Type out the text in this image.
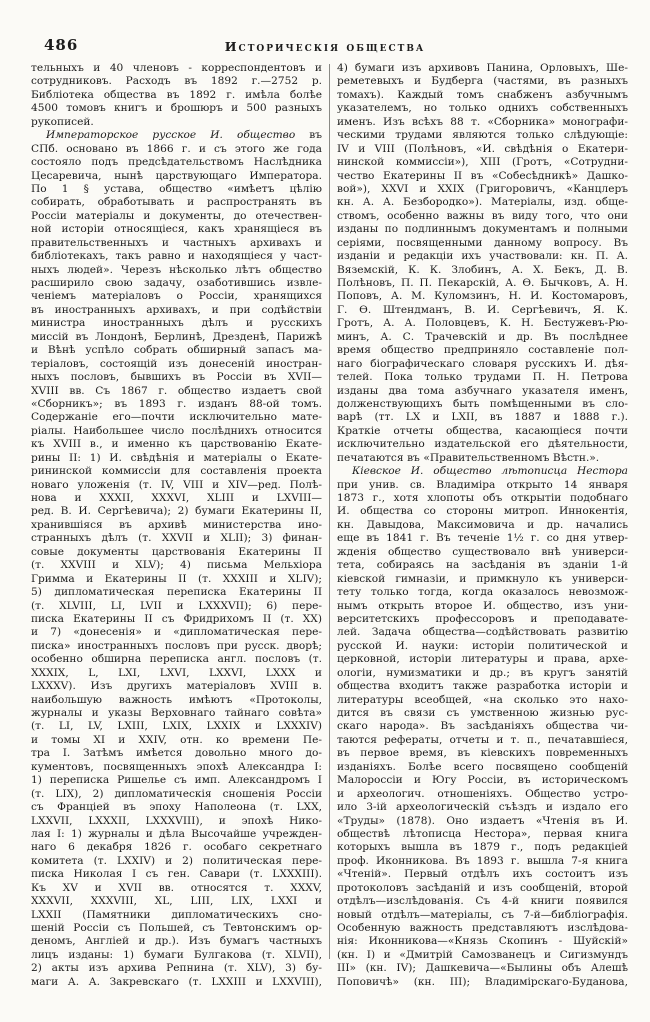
486	Историческія общества
тельныхъ и 40 членовъ - корреспондентовъ и
сотрудниковъ. Расходъ въ 1892 г.—2752 р.
Библіотека общества въ 1892 г. имѣла болѣе
4500 томовъ книгъ и брошюръ и 500 разныхъ
рукописей.
Императорское русское И. общество въ
СПб. основано въ 1866 г. и съ этого же года
состояло подъ предсѣдательствомъ Наслѣдника
Цесаревича, нынѣ царствующаго Императора.
По 1 § устава, общество «имѣетъ цѣлію
собирать, обработывать и распространять въ
Россіи матеріалы и документы, до отечествен-
ной исторіи относящіеся, какъ хранящіеся въ
правительственныхъ и частныхъ архивахъ и
библіотекахъ, такъ равно и находящіеся у част-
ныхъ людей». Черезъ нѣсколько лѣтъ общество
расширило свою задачу, озаботившись извле-
ченіемъ матеріаловъ о Россіи, хранящихся
въ иностранныхъ архивахъ, и при содѣйствіи
министра иностранныхъ дѣлъ и русскихъ
миссій въ Лондонѣ, Берлинѣ, Дрезденѣ, Парижѣ
и Вѣнѣ успѣло собрать обширный запасъ ма-
теріаловъ, состоящій изъ донесеній иностран-
ныхъ пословъ, бывшихъ въ Россіи въ XVII—
XVIII вв. Съ 1867 г. общество издаетъ свой
«Сборникъ»; въ 1893 г. изданъ 88-ой томъ.
Содержаніе его—почти исключительно мате-
ріалы. Наибольшее число послѣднихъ относится
къ XVIII в., и именно къ царствованію Екате-
рины II: 1) И. свѣдѣнія и матеріалы о Екате-
рининской коммиссіи для составленія проекта
новаго уложенія (т. IV, VIII и XIV—ред. Полѣ-
нова и XXXII, XXXVI, XLIII и LXVIII—
ред. В. И. Сергѣевича); 2) бумаги Екатерины II,
хранившіяся въ архивѣ министерства ино-
странныхъ дѣлъ (т. XXVII и XLII); 3) финан-
совые документы царствованія Екатерины II
(т. XXVIII и XLV); 4) письма Мельхіора
Гримма и Екатерины II (т. XXXIII и XLIV);
5) дипломатическая переписка Екатерины II
(т. XLVIII, LI, LVII и LXXXVII); 6) пере-
писка Екатерины II съ Фридрихомъ II (т. XX)
и 7) «донесенія» и «дипломатическая пере-
писка» иностранныхъ пословъ при русск. дворѣ;
особенно обширна переписка англ. пословъ (т.
XXXIX, L, LXI, LXVI, LXXVI, LXXX и
LXXXV). Изъ другихъ матеріаловъ XVIII в.
наибольшую важность имѣютъ «Протоколы,
журналы и указы Верховнаго тайнаго совѣта»
(т. LI, LV, LXIII, LXIX, LXXIX и LXXXIV)
и томы XI и XXIV, отн. ко времени Пе-
тра I. Затѣмъ имѣется довольно много до-
кументовъ, посвященныхъ эпохѣ Александра I:
1) переписка Ришелье съ имп. Александромъ I
(т. LIX), 2) дипломатическія сношенія Россіи
съ Франціей въ эпоху Наполеона (т. LXX,
LXXVII, LXXXII, LXXXVIII), и эпохѣ Нико-
лая I: 1) журналы и дѣла Высочайше учрежден-
наго 6 декабря 1826 г. особаго секретнаго
комитета (т. LXXIV) и 2) политическая пере-
писка Николая I съ ген. Савари (т. LXXXIII).
Къ XV и XVII вв. относятся т. XXXV,
XXXVII, XXXVIII, XL, LIII, LIX, LXXI и
LXXII (Памятники дипломатическихъ сно-
шеній Россіи съ Польшей, съ Тевтонскимъ ор-
деномъ, Англіей и др.). Изъ бумагъ частныхъ
лицъ изданы: 1) бумаги Булгакова (т. XLVII),
2) акты изъ архива Репнина (т. XLV), 3) бу-
маги А. А. Закревскаго (т. LXXIII и LXXVIII),
4) бумаги изъ архивовъ Панина, Орловыхъ, Ше-
реметевыхъ и Будберга (частями, въ разныхъ
томахъ). Каждый томъ снабженъ азбучнымъ
указателемъ, но только однихъ собственныхъ
именъ. Изъ всѣхъ 88 т. «Сборника» монографи-
ческими трудами являются только слѣдующіе:
IV и VIII (Полѣновъ, «И. свѣдѣнія о Екатери-
нинской коммиссіи»), XIII (Гротъ, «Сотрудни-
чество Екатерины II въ «Собесѣдникѣ» Дашко-
вой»), XXVI и XXIX (Григоровичъ, «Канцлеръ
кн. А. А. Безбородко»). Матеріалы, изд. обще-
ствомъ, особенно важны въ виду того, что они
изданы по подлиннымъ документамъ и полными
серіями, посвященными данному вопросу. Въ
изданіи и редакціи ихъ участвовали: кн. П. А.
Вяземскій, К. К. Злобинъ, А. Х. Бекъ, Д. В.
Полѣновъ, П. П. Пекарскій, А. Ѳ. Бычковъ, А. Н.
Поповъ, А. М. Куломзинъ, Н. И. Костомаровъ,
Г. Ѳ. Штендманъ, В. И. Сергѣевичъ, Я. К.
Гротъ, А. А. Половцевъ, К. Н. Бестужевъ-Рю-
минъ, А. С. Трачевскій и др. Въ послѣднее
время общество предприняло составленіе пол-
наго біографическаго словаря русскихъ И. дѣя-
телей. Пока только трудами П. Н. Петрова
изданы два тома азбучнаго указателя именъ,
долженствующихъ быть помѣщенными въ сло-
варѣ (тт. LX и LXII, въ 1887 и 1888 г.).
Краткіе отчеты общества, касающіеся почти
исключительно издательской его дѣятельности,
печатаются въ «Правительственномъ Вѣстн.».
Кіевское И. общество лѣтописца Нестора
при унив. св. Владиміра открыто 14 января
1873 г., хотя хлопоты объ открытіи подобнаго
И. общества со стороны митроп. Иннокентія,
кн. Давыдова, Максимовича и др. начались
еще въ 1841 г. Въ теченіе 1½ г. со дня утвер-
жденія общество существовало внѣ универси-
тета, собираясь на засѣданія въ зданіи 1-й
кіевской гимназіи, и примкнуло къ универси-
тету только тогда, когда оказалось невозмож-
нымъ открыть второе И. общество, изъ уни-
верситетскихъ профессоровъ и преподавате-
лей. Задача общества—содѣйствовать развитію
русской И. науки: исторіи политической и
церковной, исторіи литературы и права, архе-
ологіи, нумизматики и др.; въ кругъ занятій
общества входитъ также разработка исторіи и
литературы всеобщей, «на сколько это нахо-
дится въ связи съ умственною жизнью рус-
скаго народа». Въ засѣданіяхъ общества чи-
таются рефераты, отчеты и т. п., печатавшіеся,
въ первое время, въ кіевскихъ повременныхъ
изданіяхъ. Болѣе всего посвящено сообщеній
Малороссіи и Югу Россіи, въ историческомъ
и археологич. отношеніяхъ. Общество устро-
ило 3-ій археологическій съѣздъ и издало его
«Труды» (1878). Оно издаетъ «Чтенія въ И.
обществѣ лѣтописца Нестора», первая книга
которыхъ вышла въ 1879 г., подъ редакціей
проф. Иконникова. Въ 1893 г. вышла 7-я книга
«Чтеній». Первый отдѣлъ ихъ состоитъ изъ
протоколовъ засѣданій и изъ сообщеній, второй
отдѣлъ—изслѣдованія. Съ 4-й книги появился
новый отдѣлъ—матеріалы, съ 7-й—библіографія.
Особенную важность представляютъ изслѣдова-
нія: Иконникова—«Князь Скопинъ - Шуйскій»
(кн. I) и «Дмитрій Самозванецъ и Сигизмундъ
III» (кн. IV); Дашкевича—«Былины объ Алешѣ
Поповичѣ» (кн. III); Владимірскаго-Буданова,
